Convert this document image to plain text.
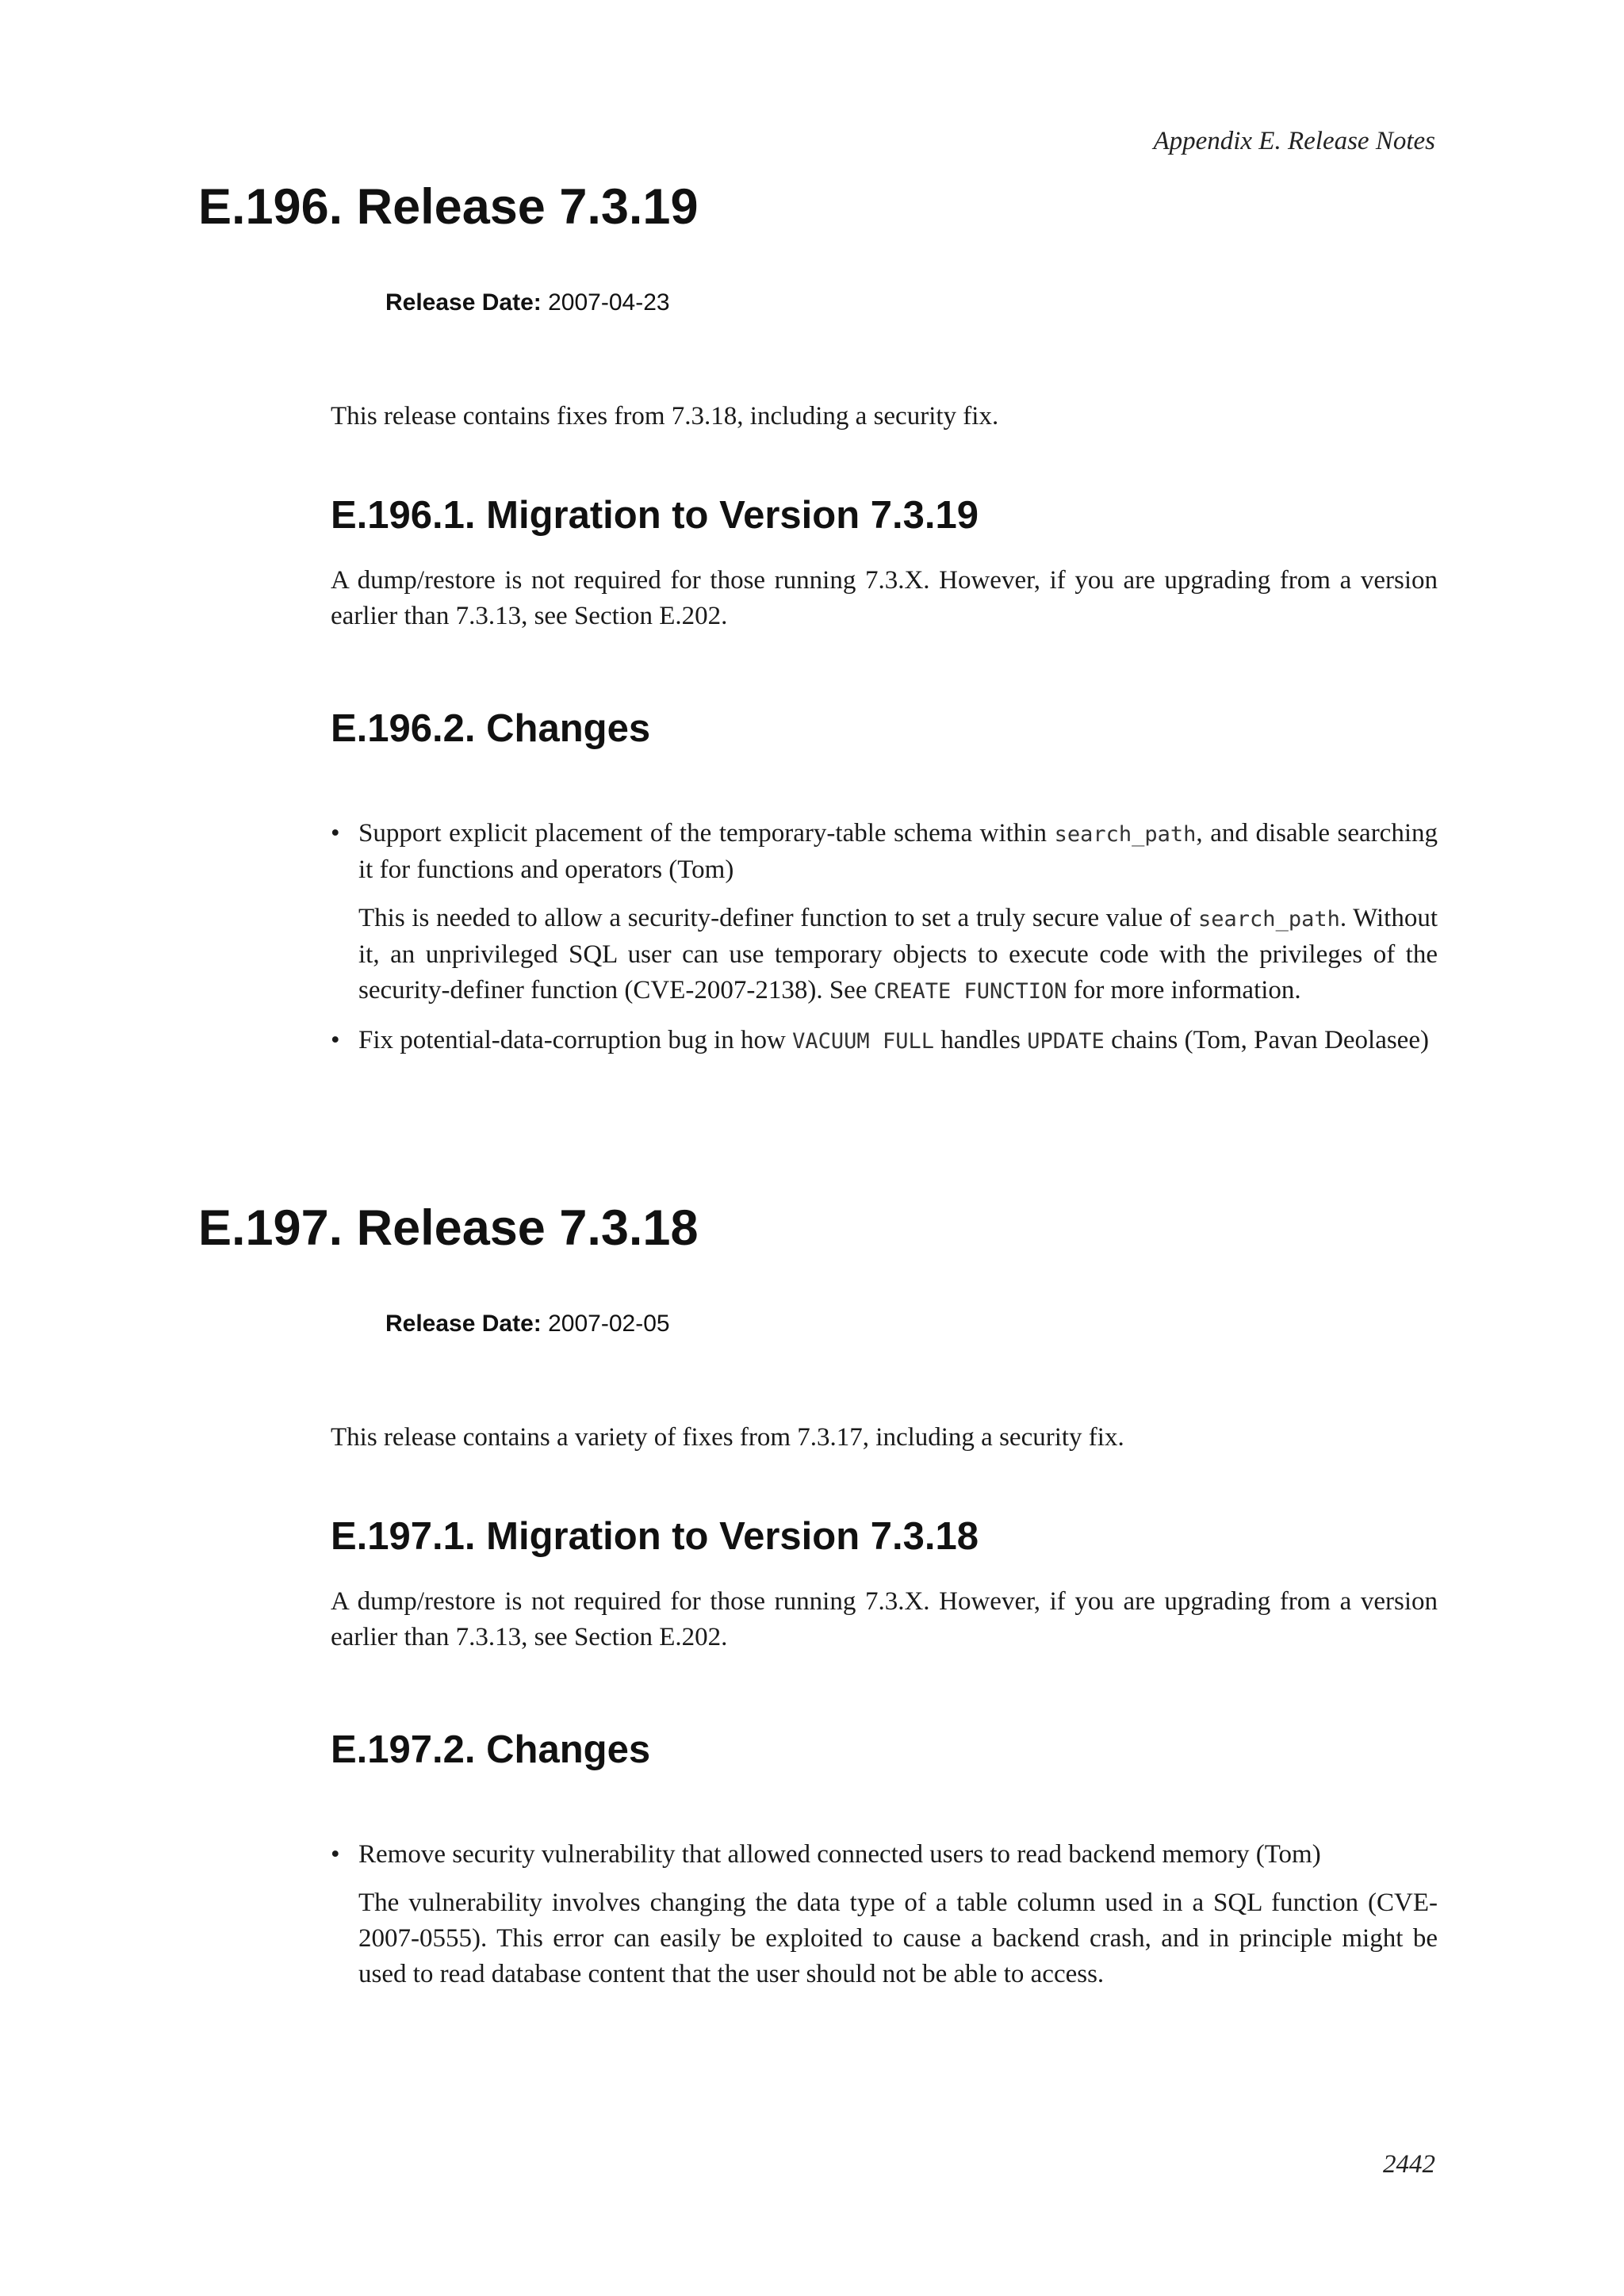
Appendix E. Release Notes
E.196. Release 7.3.19
Release Date: 2007-04-23

This release contains fixes from 7.3.18, including a security fix.

E.196.1. Migration to Version 7.3.19

A dump/restore is not required for those running 7.3.X. However, if you are upgrading from a version earlier than 7.3.13, see Section E.202.

E.196.2. Changes
• Support explicit placement of the temporary-table schema within search_path, and disable searching it for functions and operators (Tom)

This is needed to allow a security-definer function to set a truly secure value of search_path. Without it, an unprivileged SQL user can use temporary objects to execute code with the privileges of the security-definer function (CVE-2007-2138). See CREATE FUNCTION for more information.

• Fix potential-data-corruption bug in how VACUUM FULL handles UPDATE chains (Tom, Pavan Deolasee)

E.197. Release 7.3.18
Release Date: 2007-02-05

This release contains a variety of fixes from 7.3.17, including a security fix.

E.197.1. Migration to Version 7.3.18

A dump/restore is not required for those running 7.3.X. However, if you are upgrading from a version earlier than 7.3.13, see Section E.202.

E.197.2. Changes
• Remove security vulnerability that allowed connected users to read backend memory (Tom)

The vulnerability involves changing the data type of a table column used in a SQL function (CVE-2007-0555). This error can easily be exploited to cause a backend crash, and in principle might be used to read database content that the user should not be able to access.

2442
